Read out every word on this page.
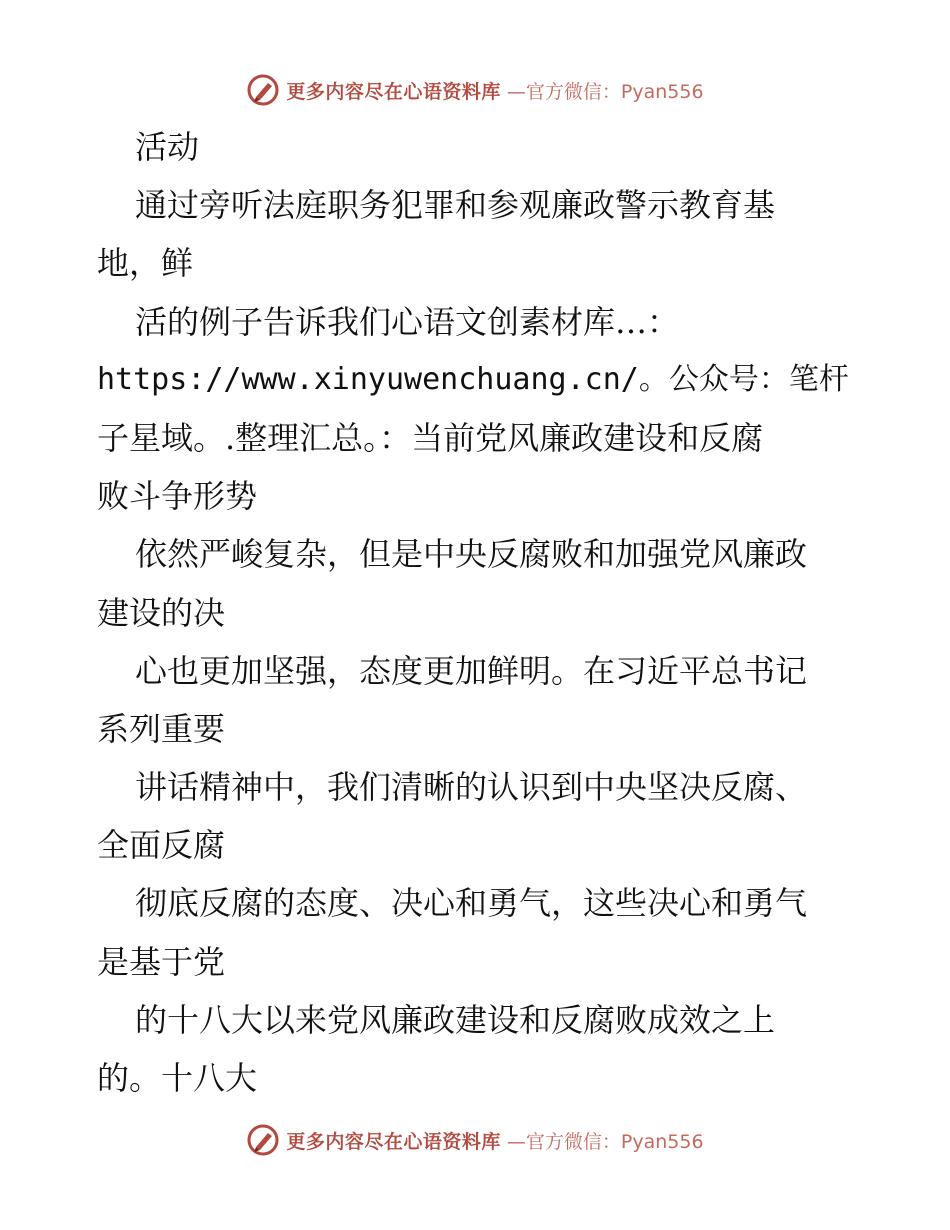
更多内容尽在心语资料库 —官方微信：Pyan556
活动
通过旁听法庭职务犯罪和参观廉政警示教育基
地，鲜
活的例子告诉我们心语文创素材库…：
https://www.xinyuwenchuang.cn/。公众号：笔杆
子星域。.整理汇总。：当前党风廉政建设和反腐
败斗争形势
依然严峻复杂，但是中央反腐败和加强党风廉政
建设的决
心也更加坚强，态度更加鲜明。在习近平总书记
系列重要
讲话精神中，我们清晰的认识到中央坚决反腐、
全面反腐
彻底反腐的态度、决心和勇气，这些决心和勇气
是基于党
的十八大以来党风廉政建设和反腐败成效之上
的。十八大
更多内容尽在心语资料库 —官方微信：Pyan556
